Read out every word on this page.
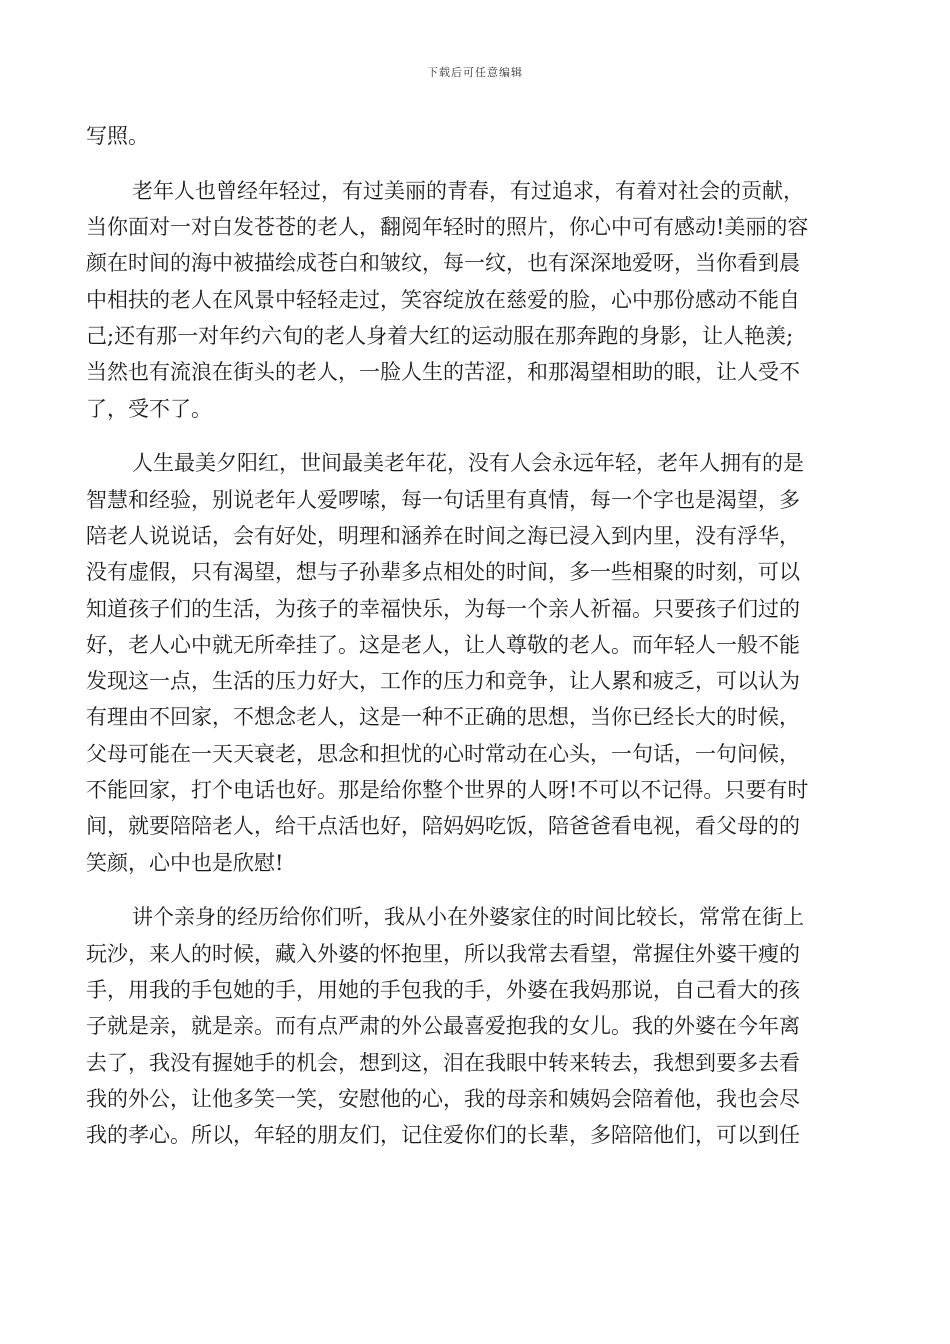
下载后可任意编辑
写照。
老年人也曾经年轻过，有过美丽的青春，有过追求，有着对社会的贡献，
当你面对一对白发苍苍的老人，翻阅年轻时的照片，你心中可有感动!美丽的容
颜在时间的海中被描绘成苍白和皱纹，每一纹，也有深深地爱呀，当你看到晨
中相扶的老人在风景中轻轻走过，笑容绽放在慈爱的脸，心中那份感动不能自
己;还有那一对年约六旬的老人身着大红的运动服在那奔跑的身影，让人艳羡;
当然也有流浪在街头的老人，一脸人生的苦涩，和那渴望相助的眼，让人受不
了，受不了。
人生最美夕阳红，世间最美老年花，没有人会永远年轻，老年人拥有的是
智慧和经验，别说老年人爱啰嗦，每一句话里有真情，每一个字也是渴望，多
陪老人说说话，会有好处，明理和涵养在时间之海已浸入到内里，没有浮华，
没有虚假，只有渴望，想与子孙辈多点相处的时间，多一些相聚的时刻，可以
知道孩子们的生活，为孩子的幸福快乐，为每一个亲人祈福。只要孩子们过的
好，老人心中就无所牵挂了。这是老人，让人尊敬的老人。而年轻人一般不能
发现这一点，生活的压力好大，工作的压力和竞争，让人累和疲乏，可以认为
有理由不回家，不想念老人，这是一种不正确的思想，当你已经长大的时候，
父母可能在一天天衰老，思念和担忧的心时常动在心头，一句话，一句问候，
不能回家，打个电话也好。那是给你整个世界的人呀!不可以不记得。只要有时
间，就要陪陪老人，给干点活也好，陪妈妈吃饭，陪爸爸看电视，看父母的的
笑颜，心中也是欣慰!
讲个亲身的经历给你们听，我从小在外婆家住的时间比较长，常常在街上
玩沙，来人的时候，藏入外婆的怀抱里，所以我常去看望，常握住外婆干瘦的
手，用我的手包她的手，用她的手包我的手，外婆在我妈那说，自己看大的孩
子就是亲，就是亲。而有点严肃的外公最喜爱抱我的女儿。我的外婆在今年离
去了，我没有握她手的机会，想到这，泪在我眼中转来转去，我想到要多去看
我的外公，让他多笑一笑，安慰他的心，我的母亲和姨妈会陪着他，我也会尽
我的孝心。所以，年轻的朋友们，记住爱你们的长辈，多陪陪他们，可以到任
